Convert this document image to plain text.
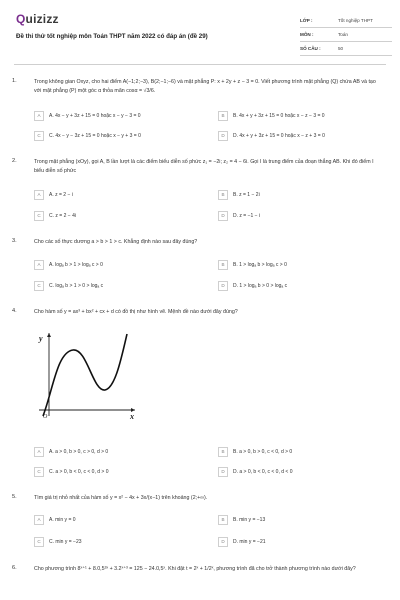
Quizizz
Đề thi thử tốt nghiệp môn Toán THPT năm 2022 có đáp án (đề 29)
LỚP :	Tốt nghiệp THPT
MÔN :	Toán
SỐ CÂU :	50
1.	Trong không gian Oxyz, cho hai điểm A(−1;2;−3), B(2;−1;−6) và mặt phẳng P: x + 2y + z − 3 = 0. Viết phương trình mặt phẳng (Q) chứa AB và tạo với mặt phẳng (P) một góc α thỏa mãn cosα = √3/6.
A	A. 4x − y + 3z + 15 = 0 hoặc x − y − 3 = 0	B	B. 4x + y + 3z + 15 = 0 hoặc x − z − 3 = 0
C	C. 4x − y − 3z + 15 = 0 hoặc x − y + 3 = 0	D	D. 4x + y + 3z + 15 = 0 hoặc x − z + 3 = 0
2.	Trong mặt phẳng (xOy), gọi A, B lần lượt là các điểm biểu diễn số phức z₁ = −2i; z₂ = 4 − 6i. Gọi I là trung điểm của đoạn thẳng AB. Khi đó điểm I biểu diễn số phức
A	A. z = 2 − i	B	B. z = 1 − 2i
C	C. z = 2 − 4i	D	D. z = −1 − i
3.	Cho các số thực dương a > b > 1 > c. Khẳng định nào sau đây đúng?
A	A. logₐ b > 1 > logₐ c > 0	B	B. 1 > logₐ b > logₐ c > 0
C	C. logₐ b > 1 > 0 > logₐ c	D	D. 1 > logₐ b > 0 > logₐ c
4.	Cho hàm số y = ax³ + bx² + cx + d có đồ thị như hình vẽ. Mệnh đề nào dưới đây đúng?
y
x
O
A	A. a > 0, b > 0, c > 0, d > 0	B	B. a > 0, b > 0, c < 0, d > 0
C	C. a > 0, b < 0, c < 0, d > 0	D	D. a > 0, b < 0, c < 0, d < 0
5.	Tìm giá trị nhỏ nhất của hàm số y = x² − 4x + 3x/(x−1) trên khoảng (2;+∞).
A	A. min y = 0	B	B. min y = −13
C	C. min y = −23	D	D. min y = −21
6.	Cho phương trình 8ˣ⁺¹ + 8.0,5³ˣ + 3.2ˣ⁺³ = 125 − 24.0,5ˣ. Khi đặt t = 2ˣ + 1/2ˣ, phương trình đã cho trở thành phương trình nào dưới đây?
